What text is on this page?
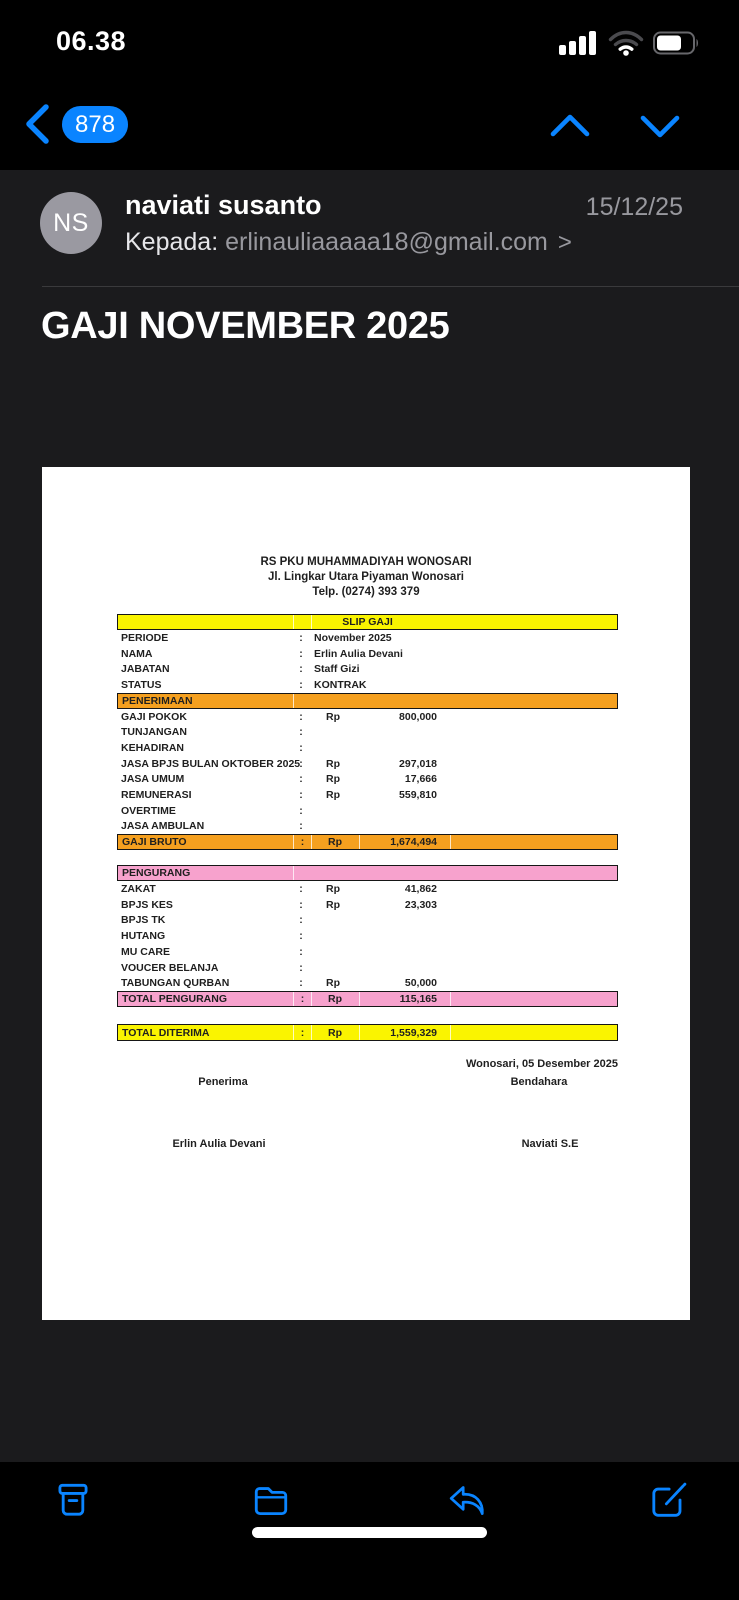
06.38
878
NS
naviati susanto	15/12/25
Kepada: erlinauliaaaaa18@gmail.com >
GAJI NOVEMBER 2025
RS PKU MUHAMMADIYAH WONOSARI
Jl. Lingkar Utara Piyaman Wonosari
Telp. (0274) 393 379
SLIP GAJI
PERIODE	:	November 2025
NAMA	:	Erlin Aulia Devani
JABATAN	:	Staff Gizi
STATUS	:	KONTRAK
PENERIMAAN
GAJI POKOK	:	Rp	800,000
TUNJANGAN	:
KEHADIRAN	:
JASA BPJS BULAN OKTOBER 2025 :	Rp	297,018
JASA UMUM	:	Rp	17,666
REMUNERASI	:	Rp	559,810
OVERTIME	:
JASA AMBULAN	:
GAJI BRUTO	:	Rp	1,674,494
PENGURANG
ZAKAT	:	Rp	41,862
BPJS KES	:	Rp	23,303
BPJS TK	:
HUTANG	:
MU CARE	:
VOUCER BELANJA	:
TABUNGAN QURBAN	:	Rp	50,000
TOTAL PENGURANG	:	Rp	115,165
TOTAL DITERIMA	:	Rp	1,559,329
Wonosari, 05 Desember 2025
Penerima	Bendahara
Erlin Aulia Devani	Naviati S.E
